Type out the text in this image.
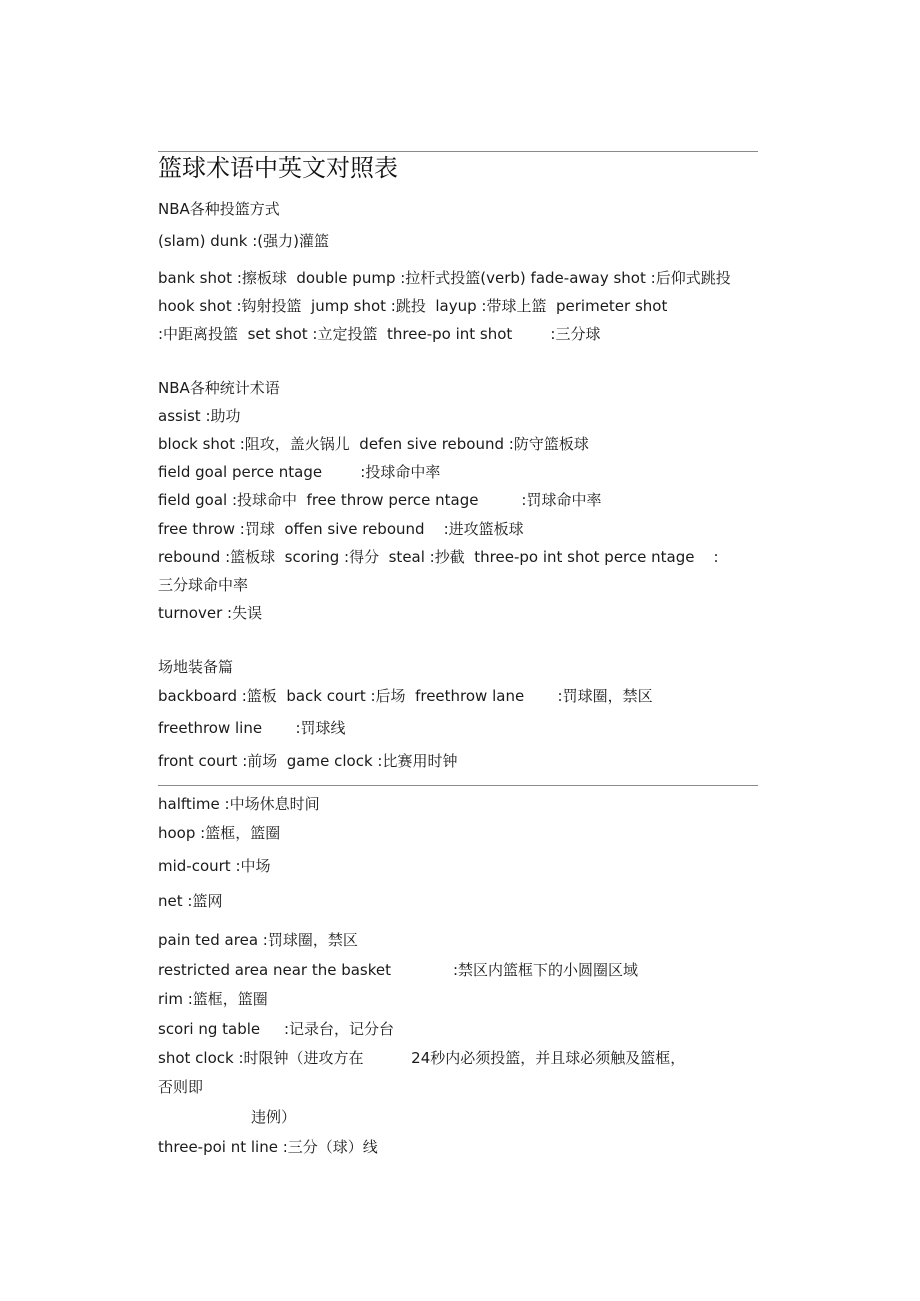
篮球术语中英文对照表
NBA各种投篮方式
(slam) dunk :(强力)灌篮
bank shot :擦板球  double pump :拉杆式投篮(verb) fade-away shot :后仰式跳投
hook shot :钩射投篮  jump shot :跳投  layup :带球上篮  perimeter shot
:中距离投篮  set shot :立定投篮  three-po int shot        :三分球
NBA各种统计术语
assist :助功
block shot :阻攻，盖火锅儿  defen sive rebound :防守篮板球
field goal perce ntage        :投球命中率
field goal :投球命中  free throw perce ntage         :罚球命中率
free throw :罚球  offen sive rebound    :进攻篮板球
rebound :篮板球  scoring :得分  steal :抄截  three-po int shot perce ntage    :
三分球命中率
turnover :失误
场地装备篇
backboard :篮板  back court :后场  freethrow lane       :罚球圈，禁区
freethrow line       :罚球线
front court :前场  game clock :比赛用时钟
halftime :中场休息时间
hoop :篮框，篮圈
mid-court :中场
net :篮网
pain ted area :罚球圈，禁区
restricted area near the basket             :禁区内篮框下的小圆圈区域
rim :篮框，篮圈
scori ng table     :记录台，记分台
shot clock :时限钟（进攻方在          24秒内必须投篮，并且球必须触及篮框，
否则即
违例）
three-poi nt line :三分（球）线
